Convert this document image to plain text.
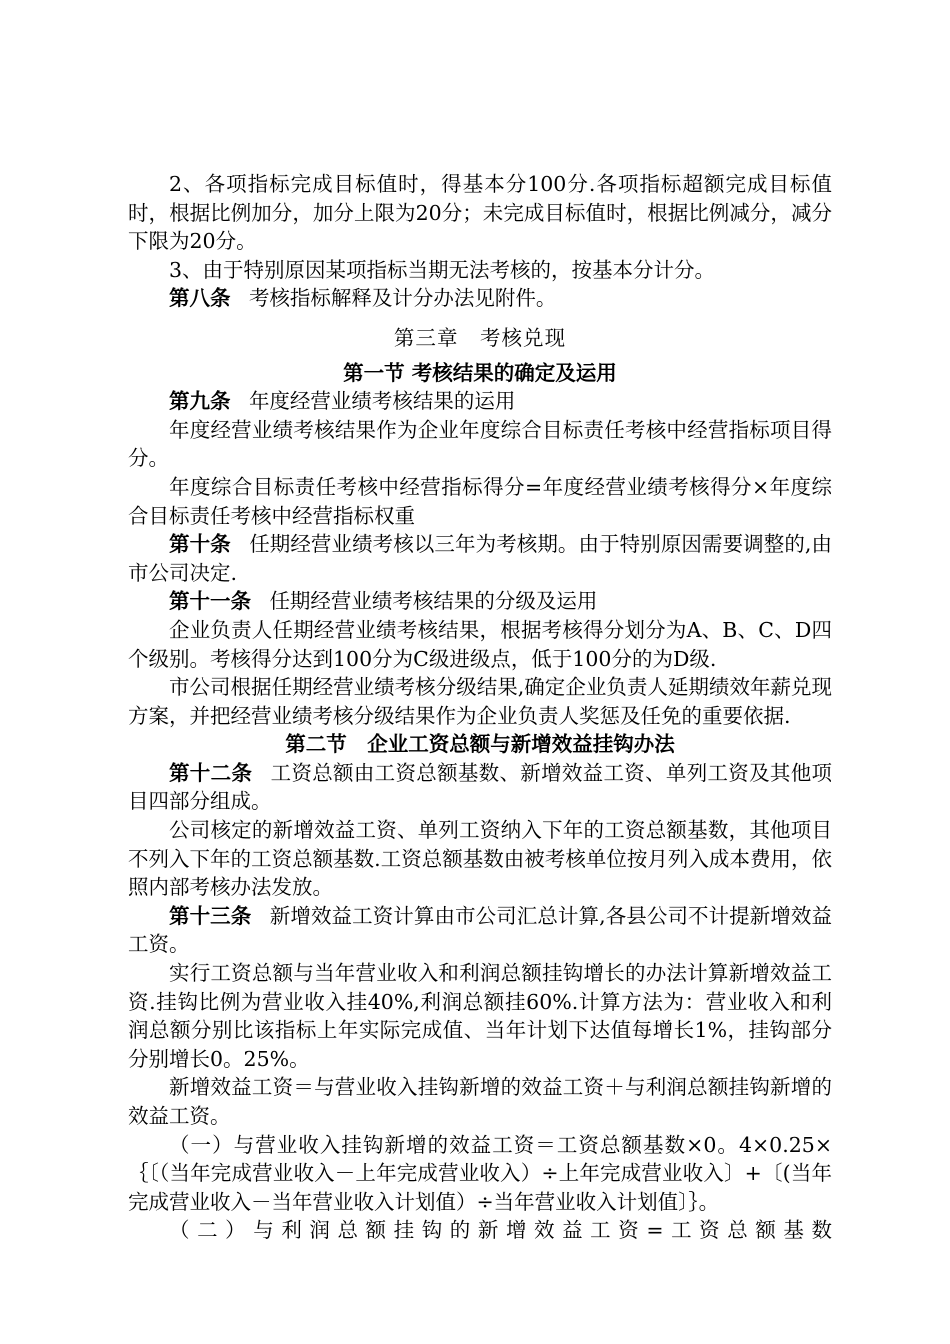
2、各项指标完成目标值时，得基本分100分.各项指标超额完成目标值时，根据比例加分，加分上限为20分；未完成目标值时，根据比例减分，减分下限为20分。

3、由于特别原因某项指标当期无法考核的，按基本分计分。

第八条 考核指标解释及计分办法见附件。

第三章　考核兑现

第一节 考核结果的确定及运用

第九条 年度经营业绩考核结果的运用

年度经营业绩考核结果作为企业年度综合目标责任考核中经营指标项目得分。

年度综合目标责任考核中经营指标得分=年度经营业绩考核得分×年度综合目标责任考核中经营指标权重

第十条 任期经营业绩考核以三年为考核期。由于特别原因需要调整的,由市公司决定.

第十一条 任期经营业绩考核结果的分级及运用

企业负责人任期经营业绩考核结果，根据考核得分划分为A、B、C、D四个级别。考核得分达到100分为C级进级点，低于100分的为D级.

市公司根据任期经营业绩考核分级结果,确定企业负责人延期绩效年薪兑现方案，并把经营业绩考核分级结果作为企业负责人奖惩及任免的重要依据.

第二节　企业工资总额与新增效益挂钩办法

第十二条 工资总额由工资总额基数、新增效益工资、单列工资及其他项目四部分组成。

公司核定的新增效益工资、单列工资纳入下年的工资总额基数，其他项目不列入下年的工资总额基数.工资总额基数由被考核单位按月列入成本费用，依照内部考核办法发放。

第十三条 新增效益工资计算由市公司汇总计算,各县公司不计提新增效益工资。

实行工资总额与当年营业收入和利润总额挂钩增长的办法计算新增效益工资.挂钩比例为营业收入挂40%,利润总额挂60%.计算方法为：营业收入和利润总额分别比该指标上年实际完成值、当年计划下达值每增长1%，挂钩部分分别增长0。25%。

新增效益工资＝与营业收入挂钩新增的效益工资＋与利润总额挂钩新增的效益工资。

（一）与营业收入挂钩新增的效益工资＝工资总额基数×0。4×0.25×｛〔（当年完成营业收入－上年完成营业收入）÷上年完成营业收入〕+〔(当年完成营业收入－当年营业收入计划值）÷当年营业收入计划值〕｝。

（二）与利润总额挂钩的新增效益工资=工资总额基数
